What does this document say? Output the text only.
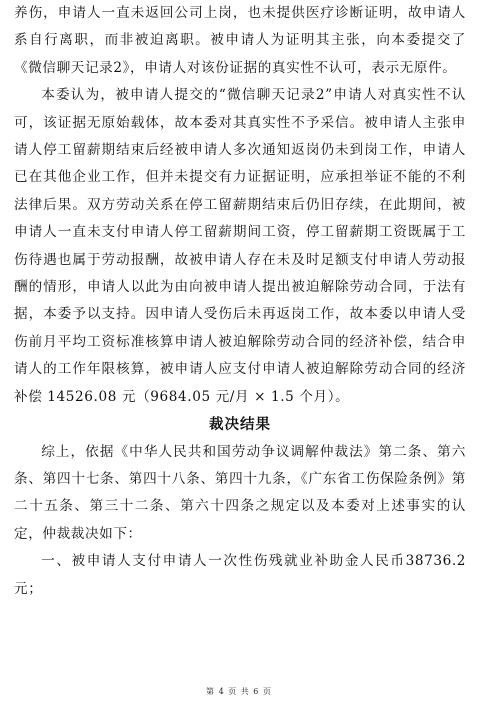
养伤，申请人一直未返回公司上岗，也未提供医疗诊断证明，故申请人系自行离职，而非被迫离职。被申请人为证明其主张，向本委提交了《微信聊天记录2》，申请人对该份证据的真实性不认可，表示无原件。

本委认为，被申请人提交的“微信聊天记录2”申请人对真实性不认可，该证据无原始载体，故本委对其真实性不予采信。被申请人主张申请人停工留薪期结束后经被申请人多次通知返岗仍未到岗工作，申请人已在其他企业工作，但并未提交有力证据证明，应承担举证不能的不利法律后果。双方劳动关系在停工留薪期结束后仍旧存续，在此期间，被申请人一直未支付申请人停工留薪期间工资，停工留薪期工资既属于工伤待遇也属于劳动报酬，故被申请人存在未及时足额支付申请人劳动报酬的情形，申请人以此为由向被申请人提出被迫解除劳动合同，于法有据，本委予以支持。因申请人受伤后未再返岗工作，故本委以申请人受伤前月平均工资标准核算申请人被迫解除劳动合同的经济补偿，结合申请人的工作年限核算，被申请人应支付申请人被迫解除劳动合同的经济补偿 14526.08 元（9684.05 元/月 × 1.5 个月）。

裁决结果

综上，依据《中华人民共和国劳动争议调解仲裁法》第二条、第六条、第四十七条、第四十八条、第四十九条，《广东省工伤保险条例》第二十五条、第三十二条、第六十四条之规定以及本委对上述事实的认定，仲裁裁决如下：

一、被申请人支付申请人一次性伤残就业补助金人民币38736.2 元；

第 4 页 共 6 页
